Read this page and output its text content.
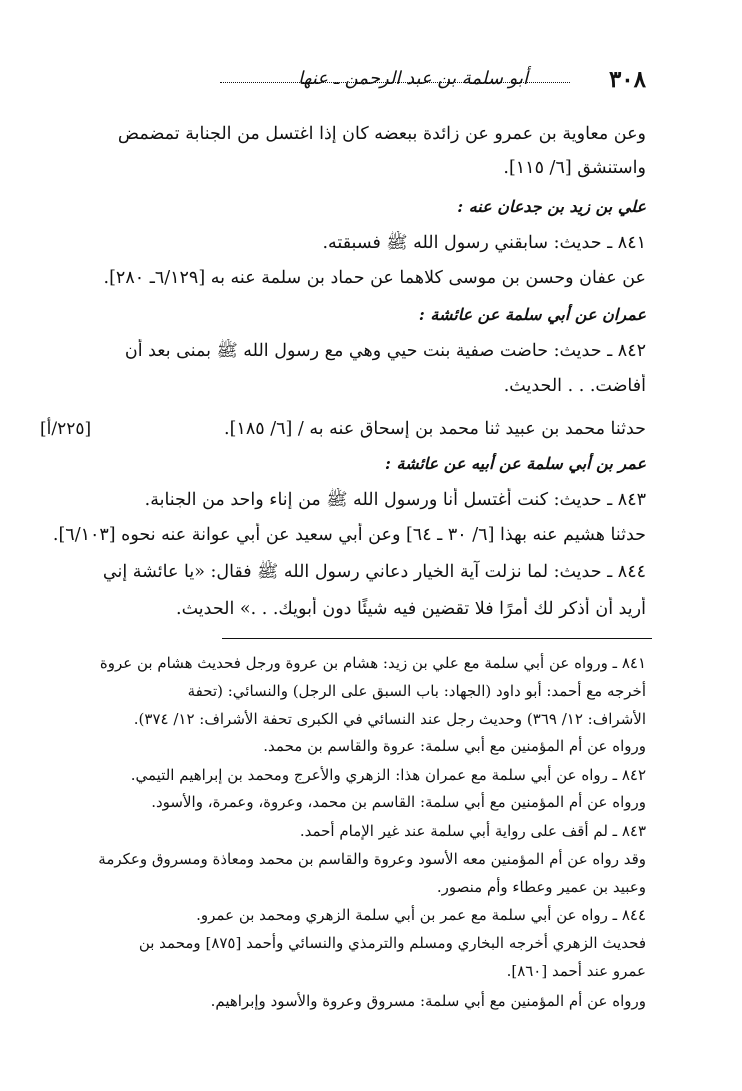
٣٠٨
أبو سلمة بن عبد الرحمن ـ عنها
وعن معاوية بن عمرو عن زائدة ببعضه كان إذا اغتسل من الجنابة تمضمض
واستنشق [٦/ ١١٥].
علي بن زيد بن جدعان عنه :
٨٤١ ـ حديث: سابقني رسول الله ﷺ فسبقته.
عن عفان وحسن بن موسى كلاهما عن حماد بن سلمة عنه به [٦/١٢٩ـ ٢٨٠].
عمران عن أبي سلمة عن عائشة :
٨٤٢ ـ حديث: حاضت صفية بنت حيي وهي مع رسول الله ﷺ بمنى بعد أن
أفاضت. . . الحديث.
حدثنا محمد بن عبيد ثنا محمد بن إسحاق عنه به / [٦/ ١٨٥].
[٢٢٥/أ]
عمر بن أبي سلمة عن أبيه عن عائشة :
٨٤٣ ـ حديث: كنت أغتسل أنا ورسول الله ﷺ من إناء واحد من الجنابة.
حدثنا هشيم عنه بهذا [٦/ ٣٠ ـ ٦٤] وعن أبي سعيد عن أبي عوانة عنه نحوه [٦/١٠٣].
٨٤٤ ـ حديث: لما نزلت آية الخيار دعاني رسول الله ﷺ فقال: «يا عائشة إني
أريد أن أذكر لك أمرًا فلا تقضين فيه شيئًا دون أبويك. . .» الحديث.
٨٤١ ـ ورواه عن أبي سلمة مع علي بن زيد: هشام بن عروة ورجل فحديث هشام بن عروة
أخرجه مع أحمد: أبو داود (الجهاد: باب السبق على الرجل) والنسائي: (تحفة
الأشراف: ١٢/ ٣٦٩) وحديث رجل عند النسائي في الكبرى تحفة الأشراف: ١٢/ ٣٧٤).
ورواه عن أم المؤمنين مع أبي سلمة: عروة والقاسم بن محمد.
٨٤٢ ـ رواه عن أبي سلمة مع عمران هذا: الزهري والأعرج ومحمد بن إبراهيم التيمي.
ورواه عن أم المؤمنين مع أبي سلمة: القاسم بن محمد، وعروة، وعمرة، والأسود.
٨٤٣ ـ لم أقف على رواية أبي سلمة عند غير الإمام أحمد.
وقد رواه عن أم المؤمنين معه الأسود وعروة والقاسم بن محمد ومعاذة ومسروق وعكرمة
وعبيد بن عمير وعطاء وأم منصور.
٨٤٤ ـ رواه عن أبي سلمة مع عمر بن أبي سلمة الزهري ومحمد بن عمرو.
فحديث الزهري أخرجه البخاري ومسلم والترمذي والنسائي وأحمد [٨٧٥] ومحمد بن
عمرو عند أحمد [٨٦٠].
ورواه عن أم المؤمنين مع أبي سلمة: مسروق وعروة والأسود وإبراهيم.
